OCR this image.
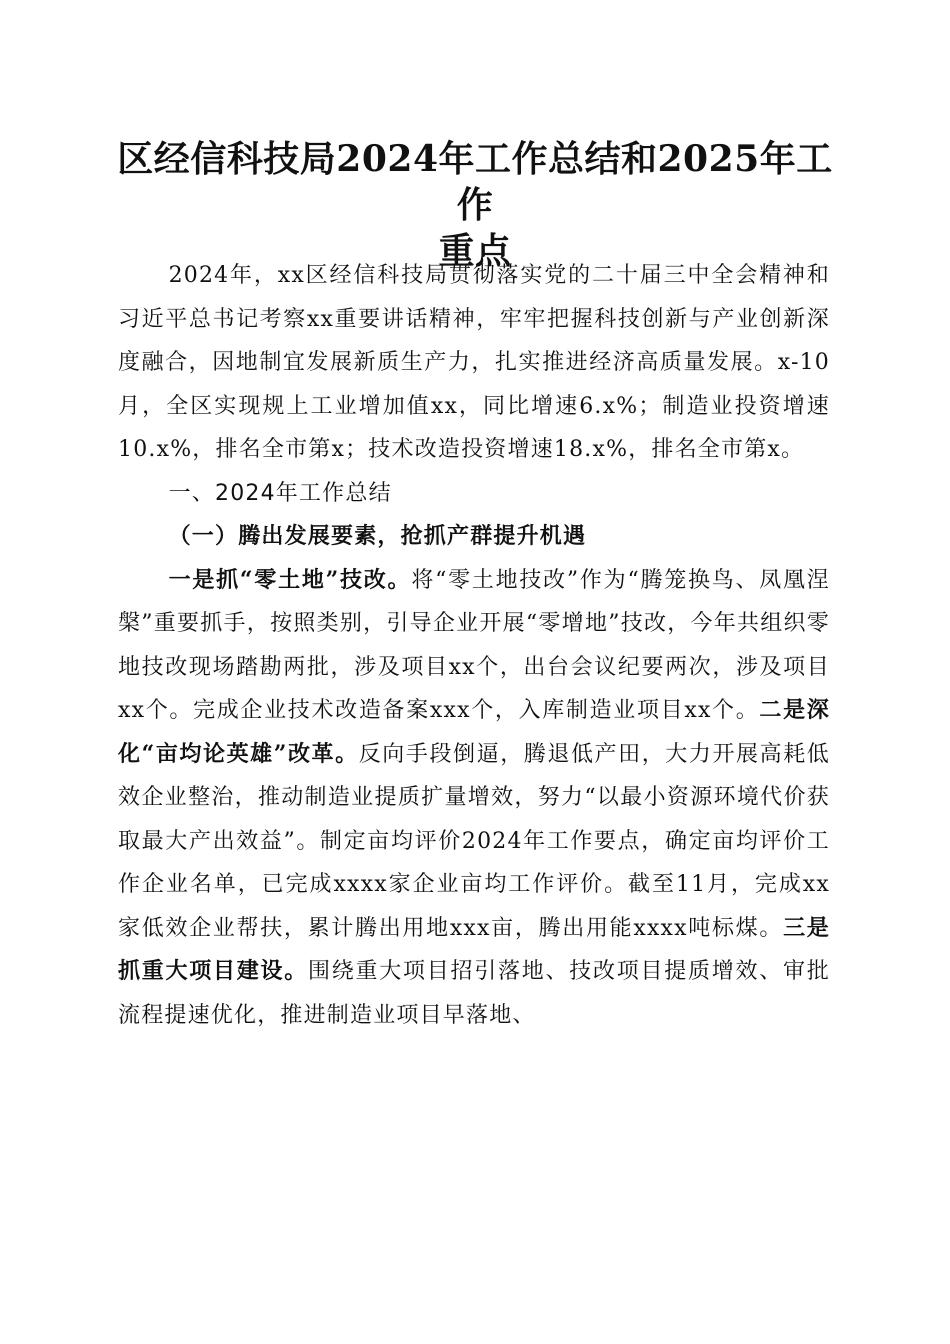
区经信科技局2024年工作总结和2025年工作
重点

2024年，xx区经信科技局贯彻落实党的二十届三中全会精神和习近平总书记考察xx重要讲话精神，牢牢把握科技创新与产业创新深度融合，因地制宜发展新质生产力，扎实推进经济高质量发展。x-10月，全区实现规上工业增加值xx，同比增速6.x%；制造业投资增速10.x%，排名全市第x；技术改造投资增速18.x%，排名全市第x。

一、2024年工作总结

（一）腾出发展要素，抢抓产群提升机遇

一是抓“零土地”技改。将“零土地技改”作为“腾笼换鸟、凤凰涅槃”重要抓手，按照类别，引导企业开展“零增地”技改，今年共组织零地技改现场踏勘两批，涉及项目xx个，出台会议纪要两次，涉及项目xx个。完成企业技术改造备案xxx个，入库制造业项目xx个。二是深化“亩均论英雄”改革。反向手段倒逼，腾退低产田，大力开展高耗低效企业整治，推动制造业提质扩量增效，努力“以最小资源环境代价获取最大产出效益”。制定亩均评价2024年工作要点，确定亩均评价工作企业名单，已完成xxxx家企业亩均工作评价。截至11月，完成xx家低效企业帮扶，累计腾出用地xxx亩，腾出用能xxxx吨标煤。三是抓重大项目建设。围绕重大项目招引落地、技改项目提质增效、审批流程提速优化，推进制造业项目早落地、
